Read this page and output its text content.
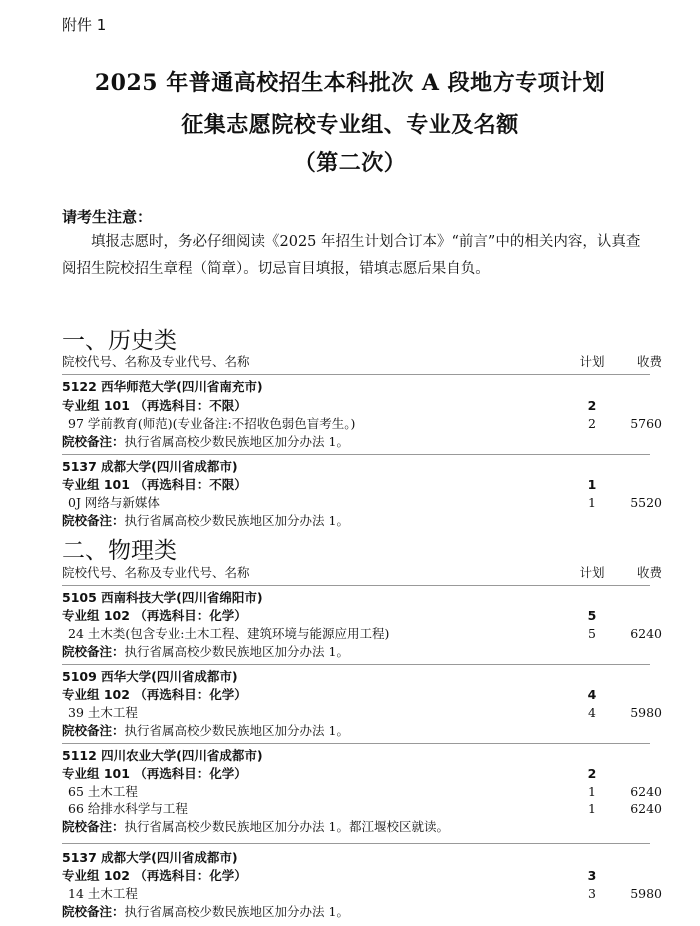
附件 1
2025 年普通高校招生本科批次 A 段地方专项计划
征集志愿院校专业组、专业及名额
（第二次）
请考生注意：
填报志愿时，务必仔细阅读《2025 年招生计划合订本》“前言”中的相关内容，认真查阅招生院校招生章程（简章）。切忌盲目填报，错填志愿后果自负。
一、历史类
院校代号、名称及专业代号、名称	计划	收费
5122 西华师范大学(四川省南充市)
专业组 101 （再选科目：不限）	2
97 学前教育(师范)(专业备注:不招收色弱色盲考生。)	2	5760
院校备注：执行省属高校少数民族地区加分办法 1。
5137 成都大学(四川省成都市)
专业组 101 （再选科目：不限）	1
0J 网络与新媒体	1	5520
院校备注：执行省属高校少数民族地区加分办法 1。
二、物理类
院校代号、名称及专业代号、名称	计划	收费
5105 西南科技大学(四川省绵阳市)
专业组 102 （再选科目：化学）	5
24 土木类(包含专业:土木工程、建筑环境与能源应用工程)	5	6240
院校备注：执行省属高校少数民族地区加分办法 1。
5109 西华大学(四川省成都市)
专业组 102 （再选科目：化学）	4
39 土木工程	4	5980
院校备注：执行省属高校少数民族地区加分办法 1。
5112 四川农业大学(四川省成都市)
专业组 101 （再选科目：化学）	2
65 土木工程	1	6240
66 给排水科学与工程	1	6240
院校备注：执行省属高校少数民族地区加分办法 1。都江堰校区就读。
5137 成都大学(四川省成都市)
专业组 102 （再选科目：化学）	3
14 土木工程	3	5980
院校备注：执行省属高校少数民族地区加分办法 1。
